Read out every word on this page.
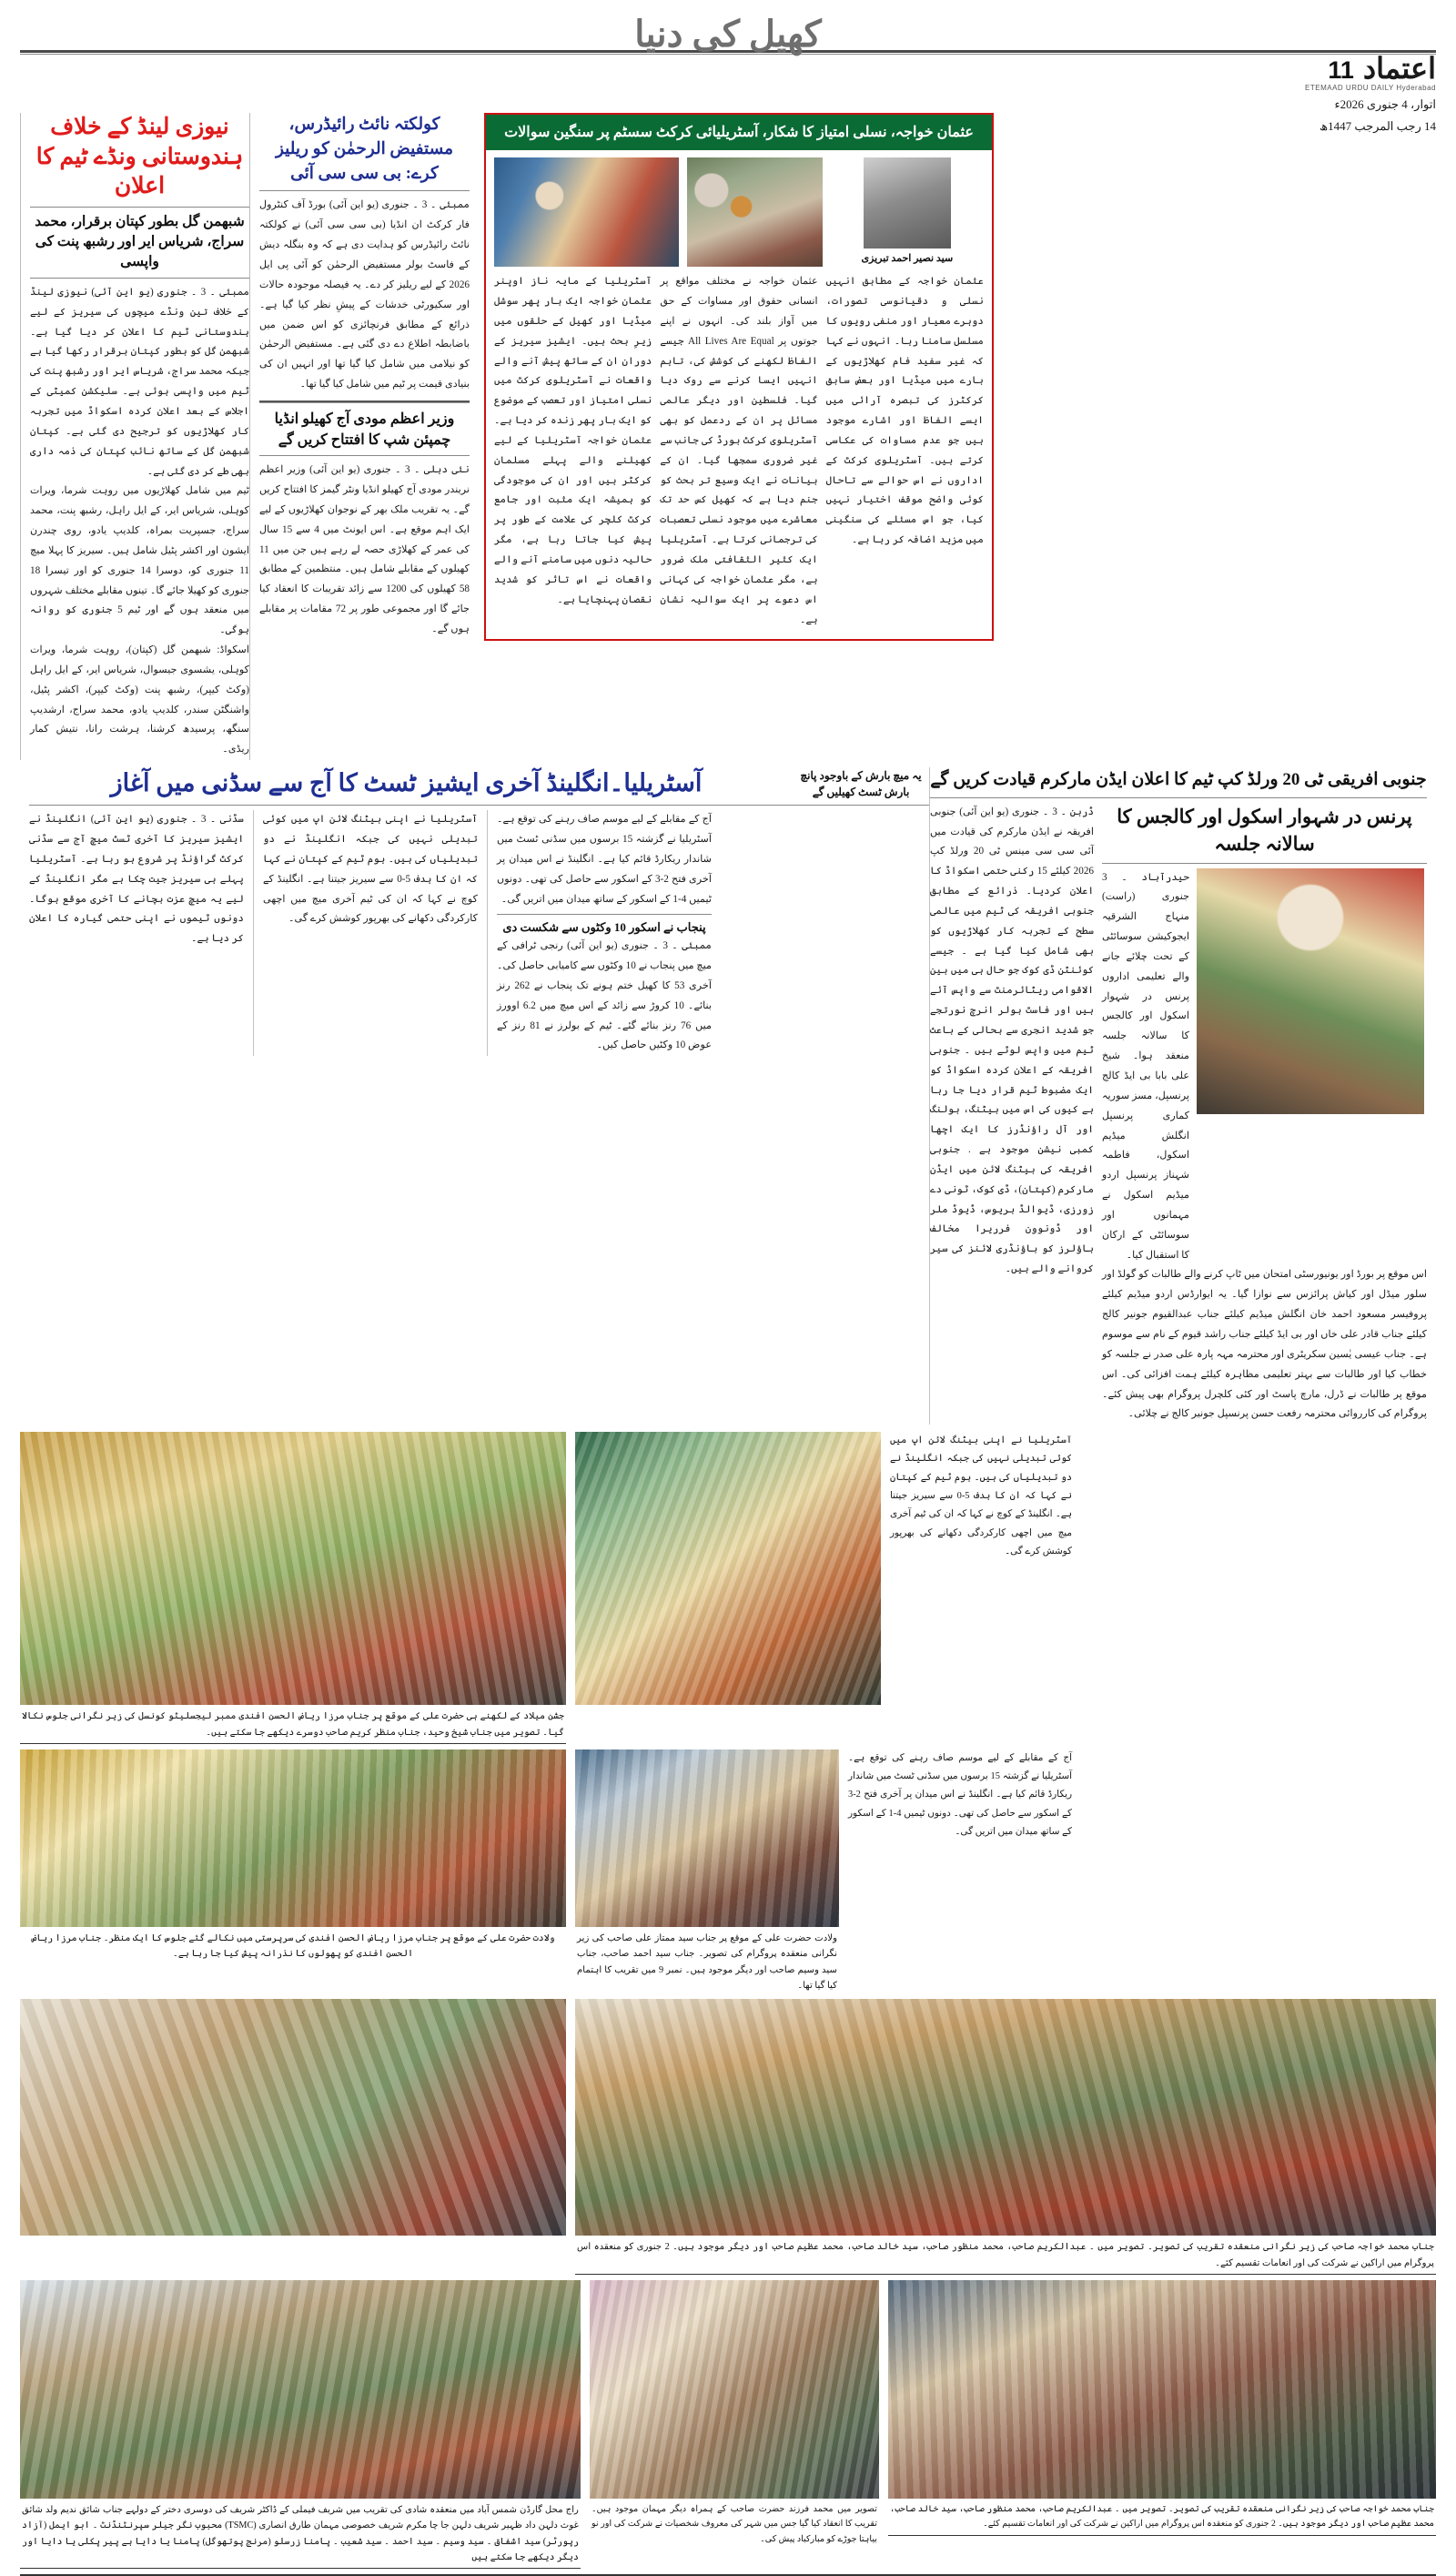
کھیل کی دنیا
اعتماد
11
ETEMAAD URDU DAILY Hyderabad
اتوار، 4 جنوری 2026ء
14 رجب المرجب 1447ھ
نیوزی لینڈ کے خلاف ہندوستانی ونڈے ٹیم کا اعلان
شبھمن گل بطور کپتان برقرار، محمد سراج، شریاس ایر اور رشبھ پنت کی واپسی
ممبئی ۔ 3 ۔ جنوری (یو این آئی) نیوزی لینڈ کے خلاف تین ونڈے میچوں کی سیریز کے لیے ہندوستانی ٹیم کا اعلان کر دیا گیا ہے۔ شبھمن گل کو بطور کپتان برقرار رکھا گیا ہے جبکہ محمد سراج، شریاس ایر اور رشبھ پنت کی ٹیم میں واپسی ہوئی ہے۔ سلیکشن کمیٹی کے اجلاس کے بعد اعلان کردہ اسکواڈ میں تجربہ کار کھلاڑیوں کو ترجیح دی گئی ہے۔ کپتان شبھمن گل کے ساتھ نائب کپتان کی ذمہ داری بھی طے کر دی گئی ہے۔
ٹیم میں شامل کھلاڑیوں میں روہت شرما، ویرات کوہلی، شریاس ایر، کے ایل راہل، رشبھ پنت، محمد سراج، جسپریت بمراہ، کلدیپ یادو، روی چندرن ایشون اور اکشر پٹیل شامل ہیں۔ سیریز کا پہلا میچ 11 جنوری کو، دوسرا 14 جنوری کو اور تیسرا 18 جنوری کو کھیلا جائے گا۔ تینوں مقابلے مختلف شہروں میں منعقد ہوں گے اور ٹیم 5 جنوری کو روانہ ہوگی۔
اسکواڈ: شبھمن گل (کپتان)، روہت شرما، ویرات کوہلی، یشسوی جیسوال، شریاس ایر، کے ایل راہل (وکٹ کیپر)، رشبھ پنت (وکٹ کیپر)، اکشر پٹیل، واشنگٹن سندر، کلدیپ یادو، محمد سراج، ارشدیپ سنگھ، پرسیدھ کرشنا، ہرشت رانا، نتیش کمار ریڈی۔
کولکتہ نائٹ رائیڈرس، مستفیض الرحمٰن کو ریلیز کرے: بی سی سی آئی
ممبئی ۔ 3 ۔ جنوری (یو این آئی) بورڈ آف کنٹرول فار کرکٹ ان انڈیا (بی سی سی آئی) نے کولکتہ نائٹ رائیڈرس کو ہدایت دی ہے کہ وہ بنگلہ دیش کے فاسٹ بولر مستفیض الرحمٰن کو آئی پی ایل 2026 کے لیے ریلیز کر دے۔ یہ فیصلہ موجودہ حالات اور سکیورٹی خدشات کے پیشِ نظر کیا گیا ہے۔ ذرائع کے مطابق فرنچائزی کو اس ضمن میں باضابطہ اطلاع دے دی گئی ہے۔ مستفیض الرحمٰن کو نیلامی میں شامل کیا گیا تھا اور انہیں ان کی بنیادی قیمت پر ٹیم میں شامل کیا گیا تھا۔
وزیر اعظم مودی آج کھیلو انڈیا چمپئن شپ کا افتتاح کریں گے
نئی دہلی ۔ 3 ۔ جنوری (یو این آئی) وزیر اعظم نریندر مودی آج کھیلو انڈیا ونٹر گیمز کا افتتاح کریں گے۔ یہ تقریب ملک بھر کے نوجوان کھلاڑیوں کے لیے ایک اہم موقع ہے۔ اس ایونٹ میں 4 سے 15 سال کی عمر کے کھلاڑی حصہ لے رہے ہیں جن میں 11 کھیلوں کے مقابلے شامل ہیں۔ منتظمین کے مطابق 58 کھیلوں کی 1200 سے زائد تقریبات کا انعقاد کیا جائے گا اور مجموعی طور پر 72 مقامات پر مقابلے ہوں گے۔
عثمان خواجہ، نسلی امتیاز کا شکار، آسٹریلیائی کرکٹ سسٹم پر سنگین سوالات
سید نصیر احمد تبریزی
آسٹریلیا کے مایہ ناز اوپنر عثمان خواجہ ایک بار پھر سوشل میڈیا اور کھیل کے حلقوں میں زیرِ بحث ہیں۔ ایشیز سیریز کے دوران ان کے ساتھ پیش آنے والے واقعات نے آسٹریلوی کرکٹ میں نسلی امتیاز اور تعصب کے موضوع کو ایک بار پھر زندہ کر دیا ہے۔ عثمان خواجہ آسٹریلیا کے لیے کھیلنے والے پہلے مسلمان کرکٹر ہیں اور ان کی موجودگی کو ہمیشہ ایک مثبت اور جامع کرکٹ کلچر کی علامت کے طور پر پیش کیا جاتا رہا ہے، مگر حالیہ دنوں میں سامنے آنے والے واقعات نے اس تاثر کو شدید نقصان پہنچایا ہے۔
عثمان خواجہ نے مختلف مواقع پر انسانی حقوق اور مساوات کے حق میں آواز بلند کی۔ انہوں نے اپنے جوتوں پر All Lives Are Equal جیسے الفاظ لکھنے کی کوشش کی، تاہم انہیں ایسا کرنے سے روک دیا گیا۔ فلسطین اور دیگر عالمی مسائل پر ان کے ردعمل کو بھی آسٹریلوی کرکٹ بورڈ کی جانب سے غیر ضروری سمجھا گیا۔ ان کے بیانات نے ایک وسیع تر بحث کو جنم دیا ہے کہ کھیل کس حد تک معاشرے میں موجود نسلی تعصبات کی ترجمانی کرتا ہے۔ آسٹریلیا ایک کثیر الثقافتی ملک ضرور ہے، مگر عثمان خواجہ کی کہانی اس دعوے پر ایک سوالیہ نشان ہے۔
عثمان خواجہ کے مطابق انہیں نسلی و دقیانوسی تصورات، دوہرے معیار اور منفی رویوں کا مسلسل سامنا رہا۔ انہوں نے کہا کہ غیر سفید فام کھلاڑیوں کے بارے میں میڈیا اور بعض سابق کرکٹرز کی تبصرہ آرائی میں ایسے الفاظ اور اشارے موجود ہیں جو عدم مساوات کی عکاسی کرتے ہیں۔ آسٹریلوی کرکٹ کے اداروں نے اس حوالے سے تاحال کوئی واضح موقف اختیار نہیں کیا، جو اس مسئلے کی سنگینی میں مزید اضافہ کر رہا ہے۔
آسٹریلیا۔انگلینڈ آخری ایشیز ٹسٹ کا آج سے سڈنی میں آغاز	یہ میچ بارش کے باوجود پانچ بارش ٹسٹ کھیلیں گے
سڈنی ۔ 3 ۔ جنوری (یو این آئی) انگلینڈ نے ایشیز سیریز کا آخری ٹسٹ میچ آج سے سڈنی کرکٹ گراؤنڈ پر شروع ہو رہا ہے۔ آسٹریلیا پہلے ہی سیریز جیت چکا ہے مگر انگلینڈ کے لیے یہ میچ عزت بچانے کا آخری موقع ہوگا۔ دونوں ٹیموں نے اپنی حتمی گیارہ کا اعلان کر دیا ہے۔
آسٹریلیا نے اپنی بیٹنگ لائن اپ میں کوئی تبدیلی نہیں کی جبکہ انگلینڈ نے دو تبدیلیاں کی ہیں۔ ہوم ٹیم کے کپتان نے کہا کہ ان کا ہدف 5-0 سے سیریز جیتنا ہے۔ انگلینڈ کے کوچ نے کہا کہ ان کی ٹیم آخری میچ میں اچھی کارکردگی دکھانے کی بھرپور کوشش کرے گی۔
آج کے مقابلے کے لیے موسم صاف رہنے کی توقع ہے۔ آسٹریلیا نے گزشتہ 15 برسوں میں سڈنی ٹسٹ میں شاندار ریکارڈ قائم کیا ہے۔ انگلینڈ نے اس میدان پر آخری فتح 2-3 کے اسکور سے حاصل کی تھی۔ دونوں ٹیمیں 4-1 کے اسکور کے ساتھ میدان میں اتریں گی۔
پنجاب نے اسکور 10 وکٹوں سے شکست دی
ممبئی ۔ 3 ۔ جنوری (یو این آئی) رنجی ٹرافی کے میچ میں پنجاب نے 10 وکٹوں سے کامیابی حاصل کی۔ آخری 53 کا کھیل ختم ہونے تک پنجاب نے 262 رنز بنائے۔ 10 کروڑ سے زائد کے اس میچ میں 6.2 اوورز میں 76 رنز بنائے گئے۔ ٹیم کے بولرز نے 81 رنز کے عوض 10 وکٹیں حاصل کیں۔
جنوبی افریقی ٹی 20 ورلڈ کپ ٹیم کا اعلان ایڈن مارکرم قیادت کریں گے
ڈربن ۔ 3 ۔ جنوری (یو این آئی) جنوبی افریقہ نے ایڈن مارکرم کی قیادت میں آئی سی سی مینس ٹی 20 ورلڈ کپ 2026 کیلئے 15 رکنی حتمی اسکواڈ کا اعلان کردیا۔ ذرائع کے مطابق جنوبی افریقہ کی ٹیم میں عالمی سطح کے تجربہ کار کھلاڑیوں کو بھی شامل کیا گیا ہے ۔ جیسے کوئنٹن ڈی کوک جو حال ہی میں بین الاقوامی ریٹائرمنٹ سے واپس آئے ہیں اور فاسٹ بولر انرچ نورتجے جو شدید انجری سے بحالی کے باعث ٹیم میں واپس لوٹے ہیں ۔ جنوبی افریقہ کے اعلان کردہ اسکواڈ کو ایک مضبوط ٹیم قرار دیا جا رہا ہے کیوں کی اس میں بیٹنگ، بولنگ اور آل راؤنڈرز کا ایک اچھا کمبی نیشن موجود ہے . جنوبی افریقہ کی بیٹنگ لائن میں ایڈن مارکرم (کپتان)، ڈی کوک، ٹونی دے زورزی، ڈیوالڈ بریوس، ڈیوڈ ملر اور ڈونوون فرریرا مخالف باؤلرز کو باؤنڈری لائنز کی سیر کروانے والے ہیں۔
پرنس در شہوار اسکول اور کالجس کا سالانہ جلسہ
حیدرآباد ۔ 3 جنوری (راست) منہاج الشرقیہ ایجوکیشن سوسائٹی کے تحت چلائے جانے والے تعلیمی اداروں پرنس در شہوار اسکول اور کالجس کا سالانہ جلسہ منعقد ہوا۔ شیخ علی بابا بی ایڈ کالج پرنسپل، مسز سوریہ کماری پرنسپل انگلش میڈیم اسکول، فاطمہ شہناز پرنسپل اردو میڈیم اسکول نے مہمانوں اور سوسائٹی کے ارکان کا استقبال کیا۔
اس موقع پر بورڈ اور یونیورسٹی امتحان میں ٹاپ کرنے والے طالبات کو گولڈ اور سلور میڈل اور کیاش پرائزس سے نوازا گیا۔ یہ ایوارڈس اردو میڈیم کیلئے پروفیسر مسعود احمد خان انگلش میڈیم کیلئے جناب عبدالقیوم جونیر کالج کیلئے جناب قادر علی خاں اور بی ایڈ کیلئے جناب راشد قیوم کے نام سے موسوم ہے۔ جناب عیسی یٰسین سکریٹری اور محترمہ مہہ پارہ علی صدر نے جلسہ کو خطاب کیا اور طالبات سے بہتر تعلیمی مظاہرہ کیلئے ہمت افزائی کی۔ اس موقع پر طالبات نے ڈرل، مارچ پاسٹ اور کئی کلچرل پروگرام بھی پیش کئے۔ پروگرام کی کارروائی محترمہ رفعت حسن پرنسپل جونیر کالج نے چلائی۔
جشن میلاد کے لکھنے ہی حضرت علی کے موقع پر جناب مرزا ریاض الحسن افندی ممبر لیجسلیٹو کونسل کی زیر نگرانی جلوس نکالا گیا۔ تصویر میں جناب شیخ وحید، جناب منظر کریم صاحب دوسرے دیکھے جا سکتے ہیں۔
آسٹریلیا نے اپنی بیٹنگ لائن اپ میں کوئی تبدیلی نہیں کی جبکہ انگلینڈ نے دو تبدیلیاں کی ہیں۔ ہوم ٹیم کے کپتان نے کہا کہ ان کا ہدف 5-0 سے سیریز جیتنا ہے۔ انگلینڈ کے کوچ نے کہا کہ ان کی ٹیم آخری میچ میں اچھی کارکردگی دکھانے کی بھرپور کوشش کرے گی۔
ولادت حضرت علی کے موقع پر جناب مرزا ریاض الحسن افندی کی سرپرستی میں نکالے گئے جلوس کا ایک منظر۔ جناب مرزا ریاض الحسن افندی کو پھولوں کا نذرانہ پیش کیا جا رہا ہے۔
ولادت حضرت علی کے موقع پر جناب سید ممتاز علی صاحب کی زیر نگرانی منعقدہ پروگرام کی تصویر۔ جناب سید احمد صاحب، جناب سید وسیم صاحب اور دیگر موجود ہیں۔ نمبر 9 میں تقریب کا اہتمام کیا گیا تھا۔
آج کے مقابلے کے لیے موسم صاف رہنے کی توقع ہے۔ آسٹریلیا نے گزشتہ 15 برسوں میں سڈنی ٹسٹ میں شاندار ریکارڈ قائم کیا ہے۔ انگلینڈ نے اس میدان پر آخری فتح 2-3 کے اسکور سے حاصل کی تھی۔ دونوں ٹیمیں 4-1 کے اسکور کے ساتھ میدان میں اتریں گی۔
جناب محمد خواجہ صاحب کی زیر نگرانی منعقدہ تقریب کی تصویر۔ تصویر میں ۔ عبدالکریم صاحب، محمد منظور صاحب، سید خالد صاحب، محمد عظیم صاحب اور دیگر موجود ہیں۔ 2 جنوری کو منعقدہ اس پروگرام میں اراکین نے شرکت کی اور انعامات تقسیم کئے۔
راج محل گارڈن شمس آباد میں منعقدہ شادی کی تقریب میں شریف فیملی کے ڈاکٹر شریف کی دوسری دختر کے دولہے جناب شائق ندیم ولد شائق غوث دلہن داد ظہیر شریف دلہن جا چا مکرم شریف خصوصی مہمان طارق انصاری (TSMC) محبوب نگر جیلر سپرنٹنڈنٹ ۔ ابو ایمل (آزاد رپورٹر) سید اشفاق ۔ سید وسیم ۔ سید احمد ۔ سید شعیب ۔ پامنا زرسلو (مرنج پوتھوگل) پامنا یا دایا ہے پیر پکلی یا دایا اور دیگر دیکھے جا سکتے ہیں
تصویر میں محمد فرزند حضرت صاحب کے ہمراہ دیگر مہمان موجود ہیں۔ تقریب کا انعقاد کیا گیا جس میں شہر کی معروف شخصیات نے شرکت کی اور نو بیاہتا جوڑے کو مبارکباد پیش کی۔
جناب محمد خواجہ صاحب کی زیر نگرانی منعقدہ تقریب کی تصویر۔ تصویر میں ۔ عبدالکریم صاحب، محمد منظور صاحب، سید خالد صاحب، محمد عظیم صاحب اور دیگر موجود ہیں۔ 2 جنوری کو منعقدہ اس پروگرام میں اراکین نے شرکت کی اور انعامات تقسیم کئے۔
